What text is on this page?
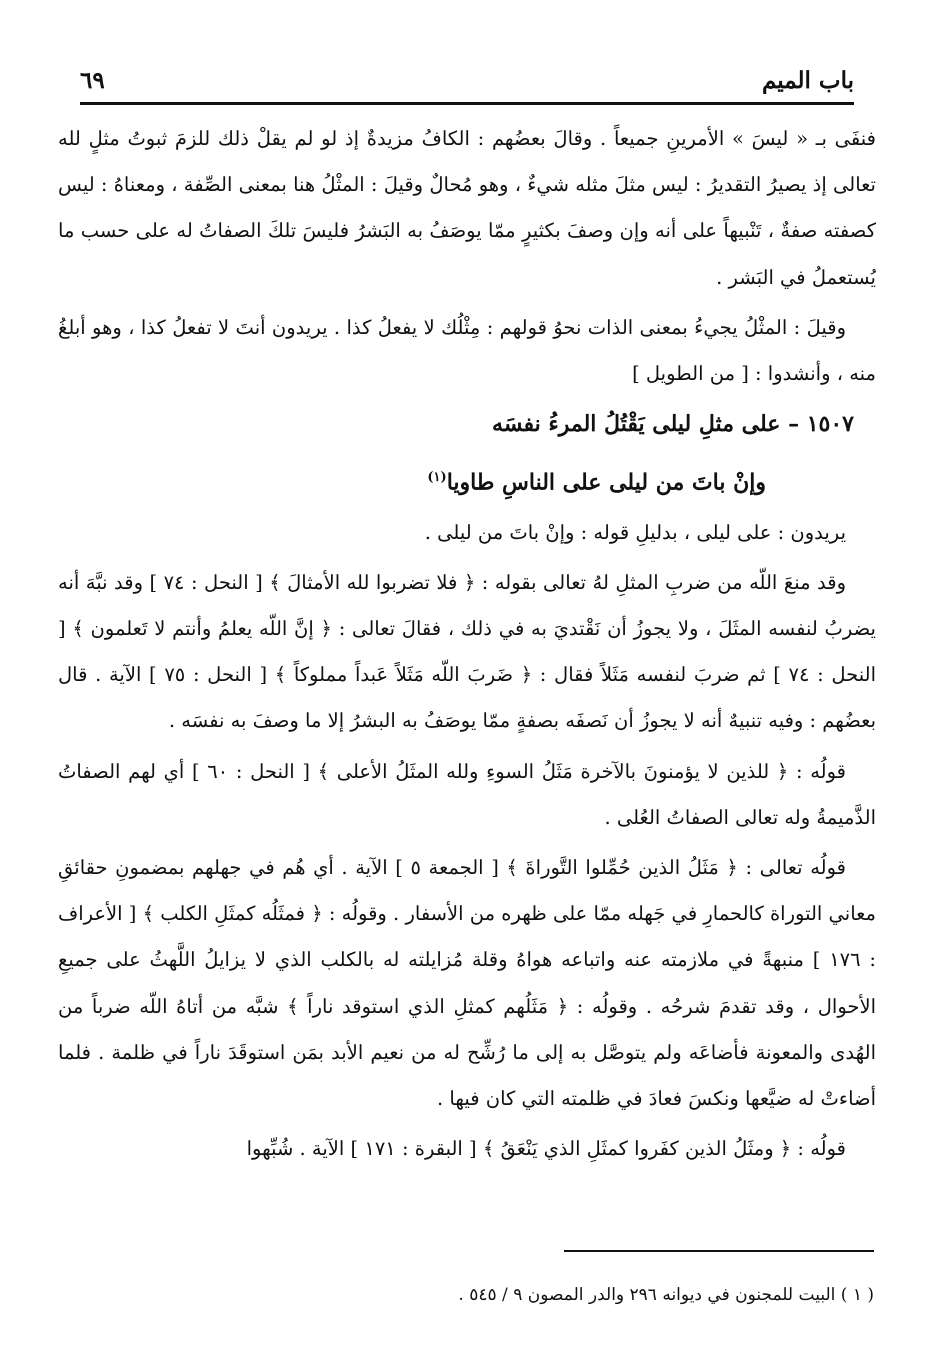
باب الميم
٦٩

فنفَى بـ « ليسَ » الأمرينِ جميعاً . وقالَ بعضُهم : الكافُ مزيدةٌ إذ لو لم يقلْ ذلك للزمَ ثبوتُ مثلٍ لله تعالى إذ يصيرُ التقديرُ : ليس مثلَ مثله شيءٌ ، وهو مُحالٌ وقيلَ : المثْلُ هنا بمعنى الصِّفة ، ومعناهُ : ليس كصفته صفةٌ ، تَنْبيهاً على أنه وإن وصفَ بكثيرٍ ممّا يوصَفُ به البَشرُ فليسَ تلكَ الصفاتُ له على حسب ما يُستعملُ في البَشر .

وقيلَ : المثْلُ يجيءُ بمعنى الذات نحوُ قولهم : مِثْلُك لا يفعلُ كذا . يريدون أنتَ لا تفعلُ كذا ، وهو أبلغُ منه ، وأنشدوا : [ من الطويل ]

١٥٠٧ – على مثلِ ليلى يَقْتُلُ المرءُ نفسَه
وإنْ باتَ من ليلى على الناسِ طاويا$^{(١)}$

يريدون : على ليلى ، بدليلِ قوله : وإنْ باتَ من ليلى .

وقد منعَ اللّه من ضربِ المثلِ لهُ تعالى بقوله : ﴿ فلا تضربوا لله الأمثالَ ﴾ [ النحل : ٧٤ ] وقد نبَّهَ أنه يضربُ لنفسه المثَلَ ، ولا يجوزُ أن نَقْتديَ به في ذلك ، فقالَ تعالى : ﴿ إنَّ اللّه يعلمُ وأنتم لا تَعلمون ﴾ [ النحل : ٧٤ ] ثم ضربَ لنفسه مَثَلاً فقال : ﴿ ضَربَ اللّه مَثَلاً عَبداً مملوكاً ﴾ [ النحل : ٧٥ ] الآية . قال بعضُهم : وفيه تنبيهٌ أنه لا يجوزُ أن نَصفَه بصفةٍ ممّا يوصَفُ به البشرُ إلا ما وصفَ به نفسَه .

قولُه : ﴿ للذين لا يؤمنونَ بالآخرة مَثَلُ السوءِ ولله المثَلُ الأعلى ﴾ [ النحل : ٦٠ ] أي لهم الصفاتُ الذَّميمةُ وله تعالى الصفاتُ العُلى .

قولُه تعالى : ﴿ مَثَلُ الذين حُمِّلوا التَّوراةَ ﴾ [ الجمعة ٥ ] الآية . أي هُم في جهلهم بمضمونِ حقائقِ معاني التوراة كالحمارِ في جَهله ممّا على ظهره من الأسفار . وقولُه : ﴿ فمثَلُه كمثَلِ الكلب ﴾ [ الأعراف : ١٧٦ ] منبهةً في ملازمته عنه واتباعه هواهُ وقلة مُزايلته له بالكلب الذي لا يزايلُ اللَّهثُ على جميعِ الأحوال ، وقد تقدمَ شرحُه . وقولُه : ﴿ مَثَلُهم كمثلِ الذي استوقد ناراً ﴾ شبَّه من أتاهُ اللّه ضرباً من الهُدى والمعونة فأضاعَه ولم يتوصَّل به إلى ما رُشِّح له من نعيم الأبد بمَن استوقَدَ ناراً في ظلمة . فلما أضاءتْ له ضيَّعها ونكسَ فعادَ في ظلمته التي كان فيها .

قولُه : ﴿ ومثَلُ الذين كفَروا كمثَلِ الذي يَنْعَقُ ﴾ [ البقرة : ١٧١ ] الآية . شُبِّهوا

( ١ ) البيت للمجنون في ديوانه ٢٩٦ والدر المصون ٩ / ٥٤٥ .
